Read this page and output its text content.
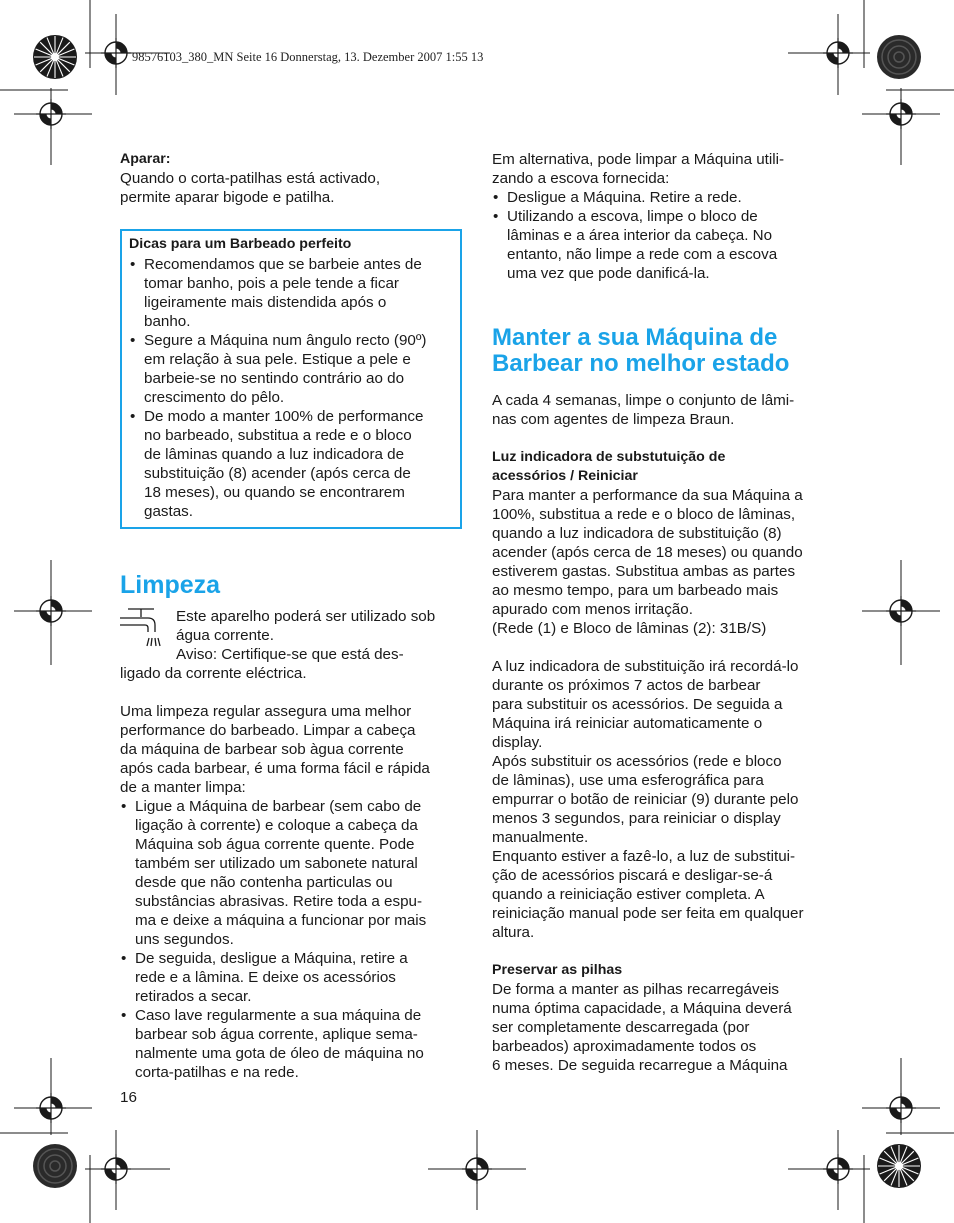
98576103_380_MN Seite 16 Donnerstag, 13. Dezember 2007 1:55 13

Aparar:

Quando o corta-patilhas está activado,
permite aparar bigode e patilha.

Dicas para um Barbeado perfeito

• Recomendamos que se barbeie antes de
tomar banho, pois a pele tende a ficar
ligeiramente mais distendida após o
banho.
• Segure a Máquina num ângulo recto (90º)
em relação à sua pele. Estique a pele e
barbeie-se no sentindo contrário ao do
crescimento do pêlo.
• De modo a manter 100% de performance
no barbeado, substitua a rede e o bloco
de lâminas quando a luz indicadora de
substituição (8) acender (após cerca de
18 meses), ou quando se encontrarem
gastas.
Limpeza
Este aparelho poderá ser utilizado sob
água corrente.
Aviso: Certifique-se que está des-
ligado da corrente eléctrica.
Uma limpeza regular assegura uma melhor
performance do barbeado. Limpar a cabeça
da máquina de barbear sob àgua corrente
após cada barbear, é uma forma fácil e rápida
de a manter limpa:
• Ligue a Máquina de barbear (sem cabo de
ligação à corrente) e coloque a cabeça da
Máquina sob água corrente quente. Pode
também ser utilizado um sabonete natural
desde que não contenha particulas ou
substâncias abrasivas. Retire toda a espu-
ma e deixe a máquina a funcionar por mais
uns segundos.
• De seguida, desligue a Máquina, retire a
rede e a lâmina. E deixe os acessórios
retirados a secar.
• Caso lave regularmente a sua máquina de
barbear sob água corrente, aplique sema-
nalmente uma gota de óleo de máquina no
corta-patilhas e na rede.
Em alternativa, pode limpar a Máquina utili-
zando a escova fornecida:
• Desligue a Máquina. Retire a rede.
• Utilizando a escova, limpe o bloco de
lâminas e a área interior da cabeça. No
entanto, não limpe a rede com a escova
uma vez que pode danificá-la.
Manter a sua Máquina de
Barbear no melhor estado
A cada 4 semanas, limpe o conjunto de lâmi-
nas com agentes de limpeza Braun.
Luz indicadora de substutuição de
acessórios / Reiniciar
Para manter a performance da sua Máquina a
100%, substitua a rede e o bloco de lâminas,
quando a luz indicadora de substituição (8)
acender (após cerca de 18 meses) ou quando
estiverem gastas. Substitua ambas as partes
ao mesmo tempo, para um barbeado mais
apurado com menos irritação.
(Rede (1) e Bloco de lâminas (2): 31B/S)
A luz indicadora de substituição irá recordá-lo
durante os próximos 7 actos de barbear
para substituir os acessórios. De seguida a
Máquina irá reiniciar automaticamente o
display.
Após substituir os acessórios (rede e bloco
de lâminas), use uma esferográfica para
empurrar o botão de reiniciar (9) durante pelo
menos 3 segundos, para reiniciar o display
manualmente.
Enquanto estiver a fazê-lo, a luz de substitui-
ção de acessórios piscará e desligar-se-á
quando a reiniciação estiver completa. A
reiniciação manual pode ser feita em qualquer
altura.
Preservar as pilhas
De forma a manter as pilhas recarregáveis
numa óptima capacidade, a Máquina deverá
ser completamente descarregada (por
barbeados) aproximadamente todos os
6 meses. De seguida recarregue a Máquina
16
